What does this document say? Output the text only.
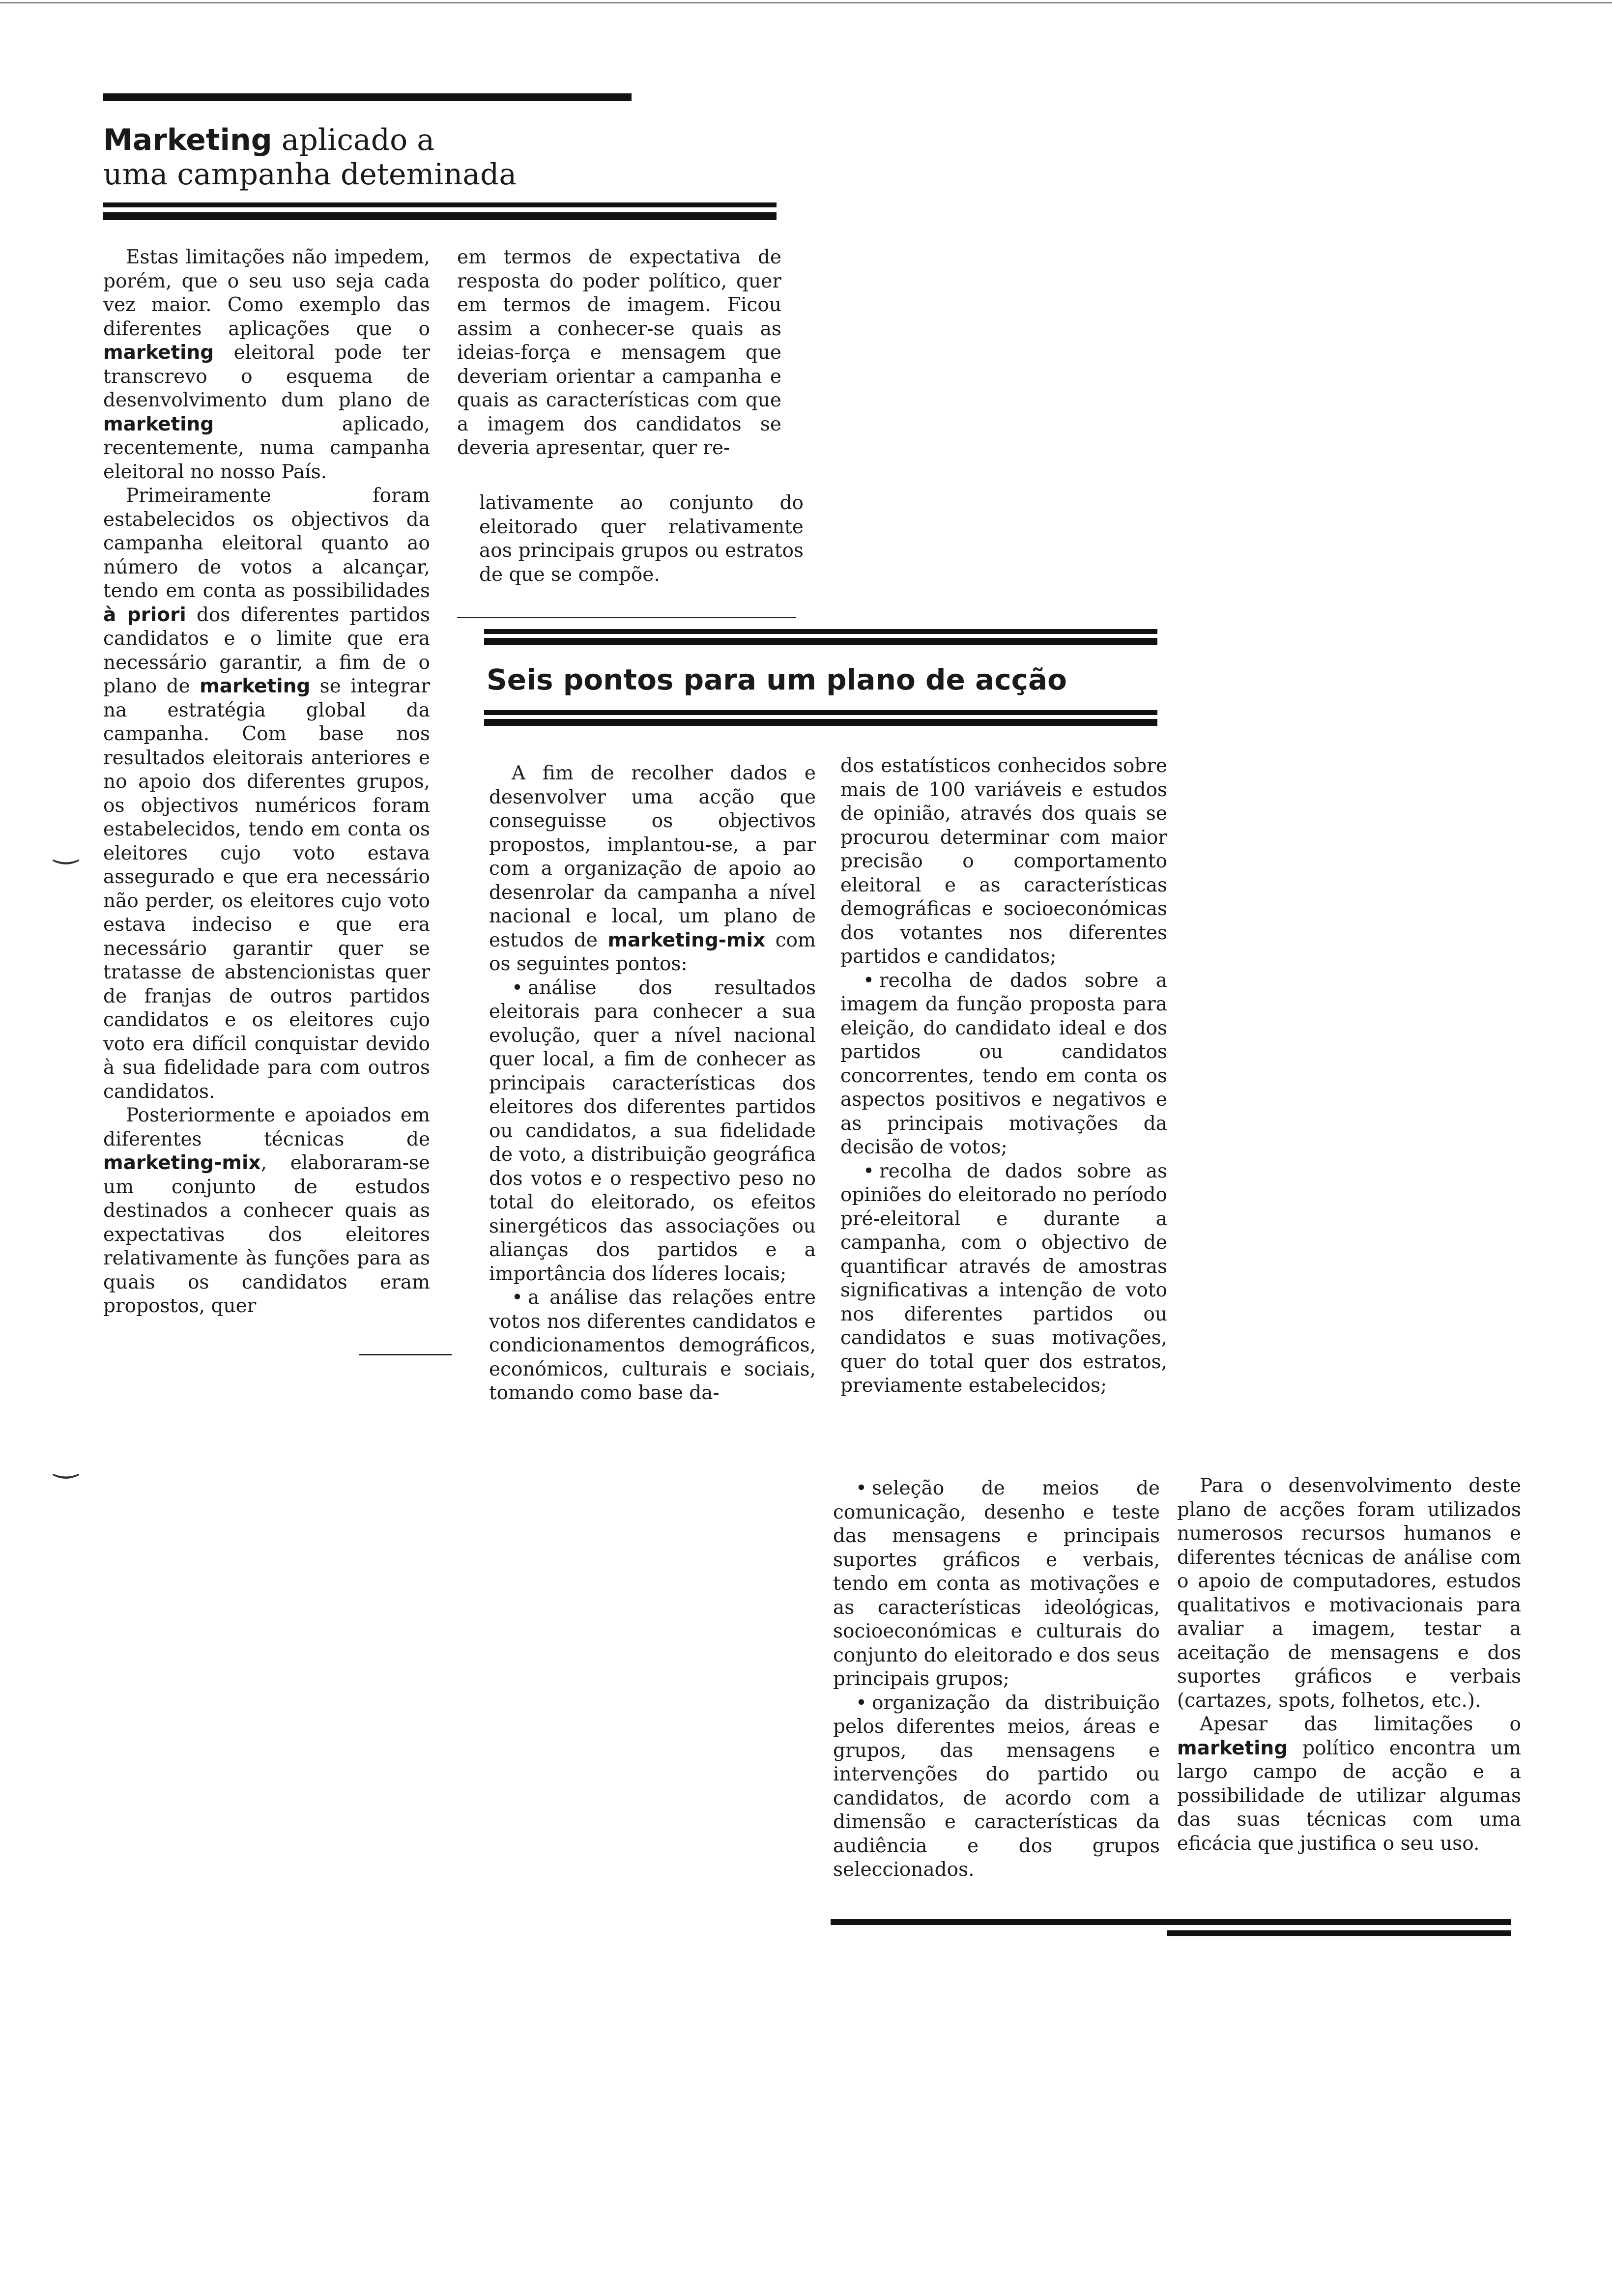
Marketing aplicado a
uma campanha deteminada

Estas limitações não impedem, porém, que o seu uso seja cada vez maior. Como exemplo das diferentes aplicações que o marketing eleitoral pode ter transcrevo o esquema de desenvolvimento dum plano de marketing aplicado, recentemente, numa campanha eleitoral no nosso País.

Primeiramente foram estabelecidos os objectivos da campanha eleitoral quanto ao número de votos a alcançar, tendo em conta as possibilidades à priori dos diferentes partidos candidatos e o limite que era necessário garantir, a fim de o plano de marketing se integrar na estratégia global da campanha. Com base nos resultados eleitorais anteriores e no apoio dos diferentes grupos, os objectivos numéricos foram estabelecidos, tendo em conta os eleitores cujo voto estava assegurado e que era necessário não perder, os eleitores cujo voto estava indeciso e que era necessário garantir quer se tratasse de abstencionistas quer de franjas de outros partidos candidatos e os eleitores cujo voto era difícil conquistar devido à sua fidelidade para com outros candidatos.

Posteriormente e apoiados em diferentes técnicas de marketing-mix, elaboraram-se um conjunto de estudos destinados a conhecer quais as expectativas dos eleitores relativamente às funções para as quais os candidatos eram propostos, quer

em termos de expectativa de resposta do poder político, quer em termos de imagem. Ficou assim a conhecer-se quais as ideias-força e mensagem que deveriam orientar a campanha e quais as características com que a imagem dos candidatos se deveria apresentar, quer re-

lativamente ao conjunto do eleitorado quer relativamente aos principais grupos ou estratos de que se compõe.

Seis pontos para um plano de acção

A fim de recolher dados e desenvolver uma acção que conseguisse os objectivos propostos, implantou-se, a par com a organização de apoio ao desenrolar da campanha a nível nacional e local, um plano de estudos de marketing-mix com os seguintes pontos:

• análise dos resultados eleitorais para conhecer a sua evolução, quer a nível nacional quer local, a fim de conhecer as principais características dos eleitores dos diferentes partidos ou candidatos, a sua fidelidade de voto, a distribuição geográfica dos votos e o respectivo peso no total do eleitorado, os efeitos sinergéticos das associações ou alianças dos partidos e a importância dos líderes locais;

• a análise das relações entre votos nos diferentes candidatos e condicionamentos demográficos, económicos, culturais e sociais, tomando como base da-

dos estatísticos conhecidos sobre mais de 100 variáveis e estudos de opinião, através dos quais se procurou determinar com maior precisão o comportamento eleitoral e as características demográficas e socioeconómicas dos votantes nos diferentes partidos e candidatos;

• recolha de dados sobre a imagem da função proposta para eleição, do candidato ideal e dos partidos ou candidatos concorrentes, tendo em conta os aspectos positivos e negativos e as principais motivações da decisão de votos;

• recolha de dados sobre as opiniões do eleitorado no período pré-eleitoral e durante a campanha, com o objectivo de quantificar através de amostras significativas a intenção de voto nos diferentes partidos ou candidatos e suas motivações, quer do total quer dos estratos, previamente estabelecidos;

• seleção de meios de comunicação, desenho e teste das mensagens e principais suportes gráficos e verbais, tendo em conta as motivações e as características ideológicas, socioeconómicas e culturais do conjunto do eleitorado e dos seus principais grupos;

• organização da distribuição pelos diferentes meios, áreas e grupos, das mensagens e intervenções do partido ou candidatos, de acordo com a dimensão e características da audiência e dos grupos seleccionados.

Para o desenvolvimento deste plano de acções foram utilizados numerosos recursos humanos e diferentes técnicas de análise com o apoio de computadores, estudos qualitativos e motivacionais para avaliar a imagem, testar a aceitação de mensagens e dos suportes gráficos e verbais (cartazes, spots, folhetos, etc.).

Apesar das limitações o marketing político encontra um largo campo de acção e a possibilidade de utilizar algumas das suas técnicas com uma eficácia que justifica o seu uso.

‿
‿
